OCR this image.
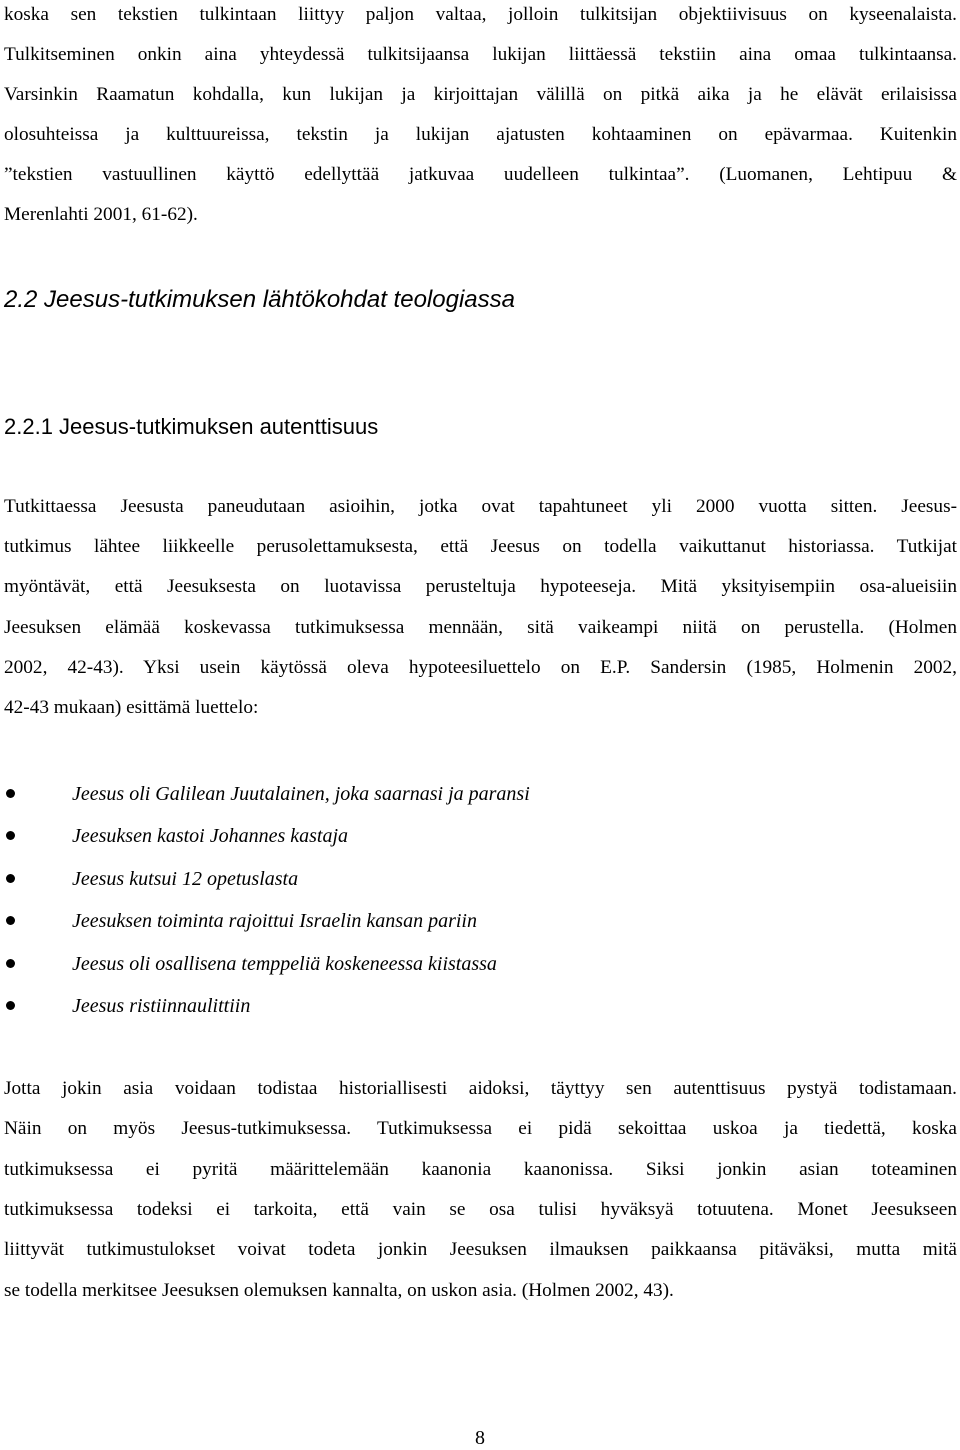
koska sen tekstien tulkintaan liittyy paljon valtaa, jolloin tulkitsijan objektiivisuus on kyseenalaista.
Tulkitseminen onkin aina yhteydessä tulkitsijaansa lukijan liittäessä tekstiin aina omaa tulkintaansa.
Varsinkin Raamatun kohdalla, kun lukijan ja kirjoittajan välillä on pitkä aika ja he elävät erilaisissa
olosuhteissa ja kulttuureissa, tekstin ja lukijan ajatusten kohtaaminen on epävarmaa. Kuitenkin
”tekstien vastuullinen käyttö edellyttää jatkuvaa uudelleen tulkintaa”. (Luomanen, Lehtipuu &
Merenlahti 2001, 61-62).
2.2 Jeesus-tutkimuksen lähtökohdat teologiassa
2.2.1 Jeesus-tutkimuksen autenttisuus
Tutkittaessa Jeesusta paneudutaan asioihin, jotka ovat tapahtuneet yli 2000 vuotta sitten. Jeesus-
tutkimus lähtee liikkeelle perusolettamuksesta, että Jeesus on todella vaikuttanut historiassa. Tutkijat
myöntävät, että Jeesuksesta on luotavissa perusteltuja hypoteeseja. Mitä yksityisempiin osa-alueisiin
Jeesuksen elämää koskevassa tutkimuksessa mennään, sitä vaikeampi niitä on perustella. (Holmen
2002, 42-43). Yksi usein käytössä oleva hypoteesiluettelo on E.P. Sandersin (1985, Holmenin 2002,
42-43 mukaan) esittämä luettelo:
Jeesus oli Galilean Juutalainen, joka saarnasi ja paransi
Jeesuksen kastoi Johannes kastaja
Jeesus kutsui 12 opetuslasta
Jeesuksen toiminta rajoittui Israelin kansan pariin
Jeesus oli osallisena temppeliä koskeneessa kiistassa
Jeesus ristiinnaulittiin
Jotta jokin asia voidaan todistaa historiallisesti aidoksi, täyttyy sen autenttisuus pystyä todistamaan.
Näin on myös Jeesus-tutkimuksessa. Tutkimuksessa ei pidä sekoittaa uskoa ja tiedettä, koska
tutkimuksessa ei pyritä määrittelemään kaanonia kaanonissa. Siksi jonkin asian toteaminen
tutkimuksessa todeksi ei tarkoita, että vain se osa tulisi hyväksyä totuutena. Monet Jeesukseen
liittyvät tutkimustulokset voivat todeta jonkin Jeesuksen ilmauksen paikkaansa pitäväksi, mutta mitä
se todella merkitsee Jeesuksen olemuksen kannalta, on uskon asia. (Holmen 2002, 43).
8
